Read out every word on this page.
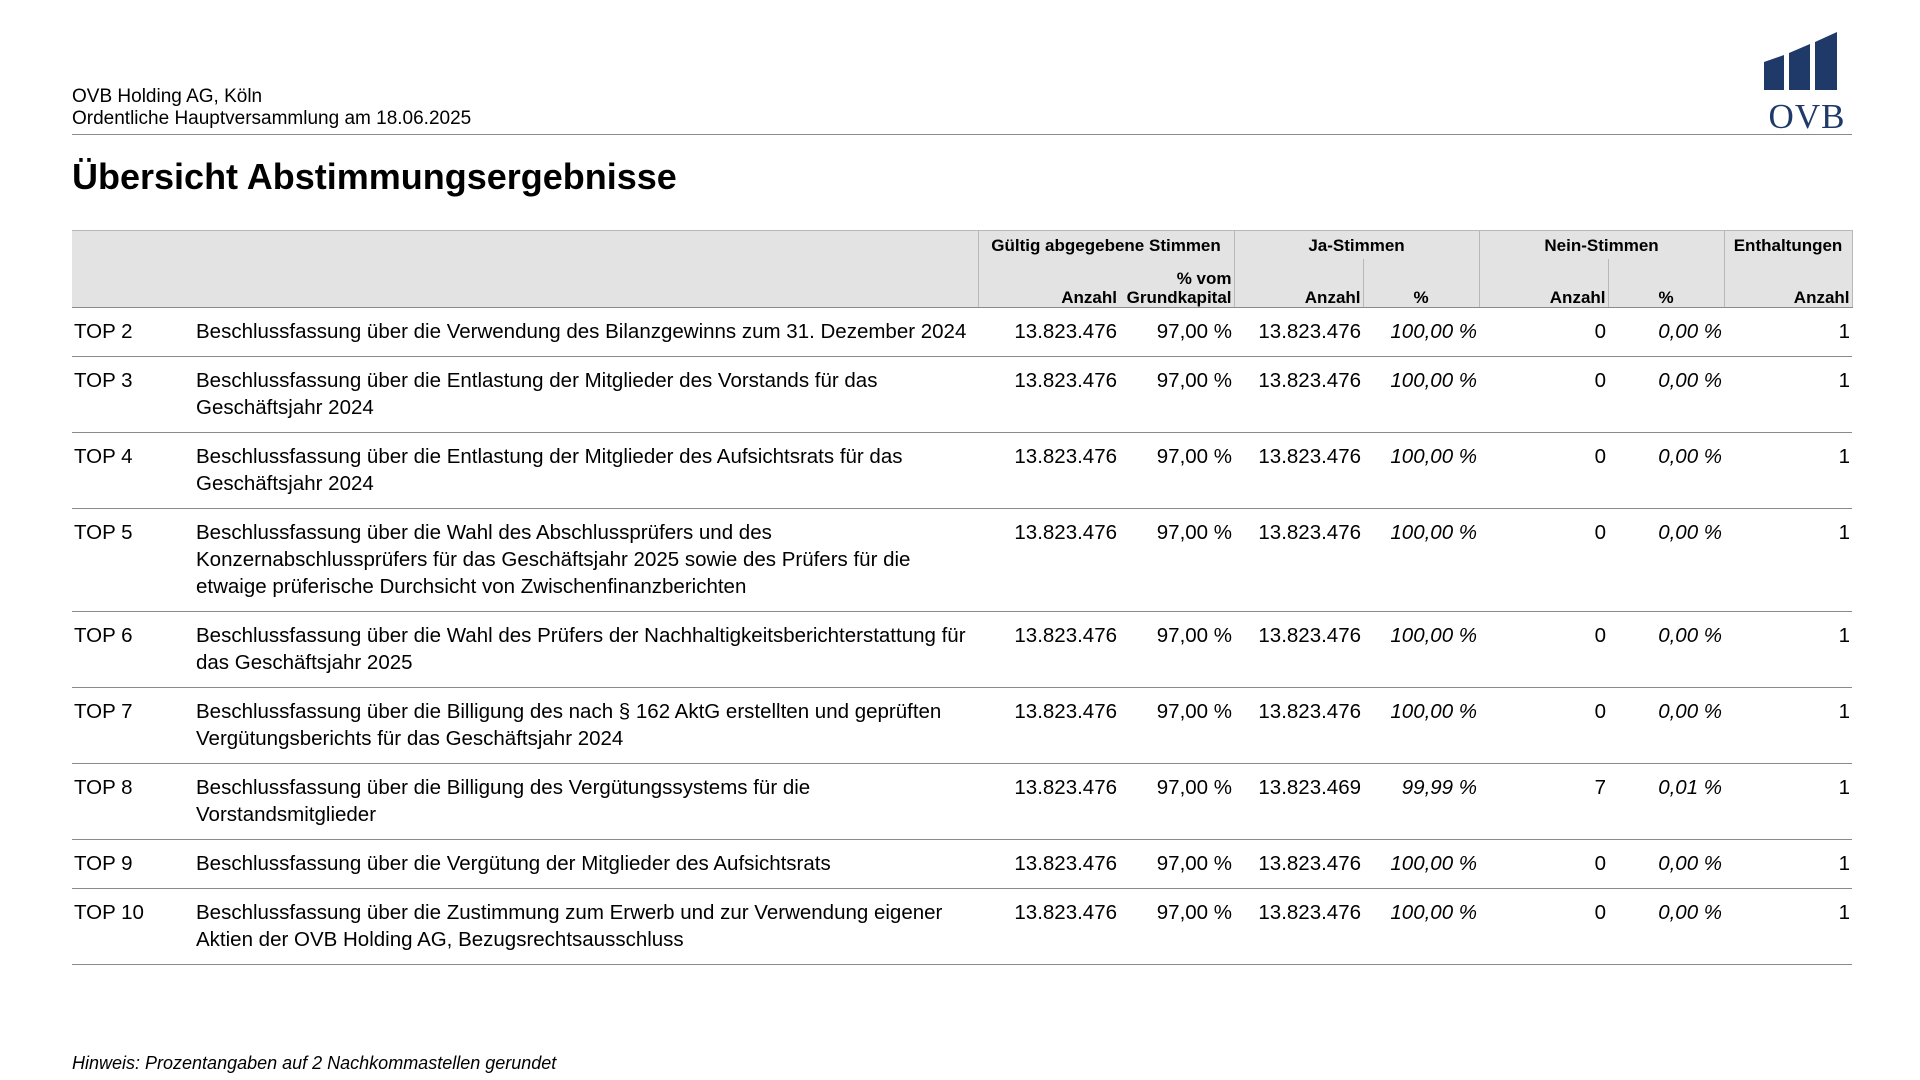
OVB Holding AG, Köln
Ordentliche Hauptversammlung am 18.06.2025	OVB
Übersicht Abstimmungsergebnisse
		Gültig abgegebene Stimmen		Ja-Stimmen		Nein-Stimmen		Enthaltungen
		Anzahl	% vom Grundkapital	Anzahl	%	Anzahl	%	Anzahl
TOP 2	Beschlussfassung über die Verwendung des Bilanzgewinns zum 31. Dezember 2024	13.823.476	97,00 %	13.823.476	100,00 %	0	0,00 %	1
TOP 3	Beschlussfassung über die Entlastung der Mitglieder des Vorstands für das Geschäftsjahr 2024	13.823.476	97,00 %	13.823.476	100,00 %	0	0,00 %	1
TOP 4	Beschlussfassung über die Entlastung der Mitglieder des Aufsichtsrats für das Geschäftsjahr 2024	13.823.476	97,00 %	13.823.476	100,00 %	0	0,00 %	1
TOP 5	Beschlussfassung über die Wahl des Abschlussprüfers und des Konzernabschlussprüfers für das Geschäftsjahr 2025 sowie des Prüfers für die etwaige prüferische Durchsicht von Zwischenfinanzberichten	13.823.476	97,00 %	13.823.476	100,00 %	0	0,00 %	1
TOP 6	Beschlussfassung über die Wahl des Prüfers der Nachhaltigkeitsberichterstattung für das Geschäftsjahr 2025	13.823.476	97,00 %	13.823.476	100,00 %	0	0,00 %	1
TOP 7	Beschlussfassung über die Billigung des nach § 162 AktG erstellten und geprüften Vergütungsberichts für das Geschäftsjahr 2024	13.823.476	97,00 %	13.823.476	100,00 %	0	0,00 %	1
TOP 8	Beschlussfassung über die Billigung des Vergütungssystems für die Vorstandsmitglieder	13.823.476	97,00 %	13.823.469	99,99 %	7	0,01 %	1
TOP 9	Beschlussfassung über die Vergütung der Mitglieder des Aufsichtsrats	13.823.476	97,00 %	13.823.476	100,00 %	0	0,00 %	1
TOP 10	Beschlussfassung über die Zustimmung zum Erwerb und zur Verwendung eigener Aktien der OVB Holding AG, Bezugsrechtsausschluss	13.823.476	97,00 %	13.823.476	100,00 %	0	0,00 %	1
Hinweis: Prozentangaben auf 2 Nachkommastellen gerundet
